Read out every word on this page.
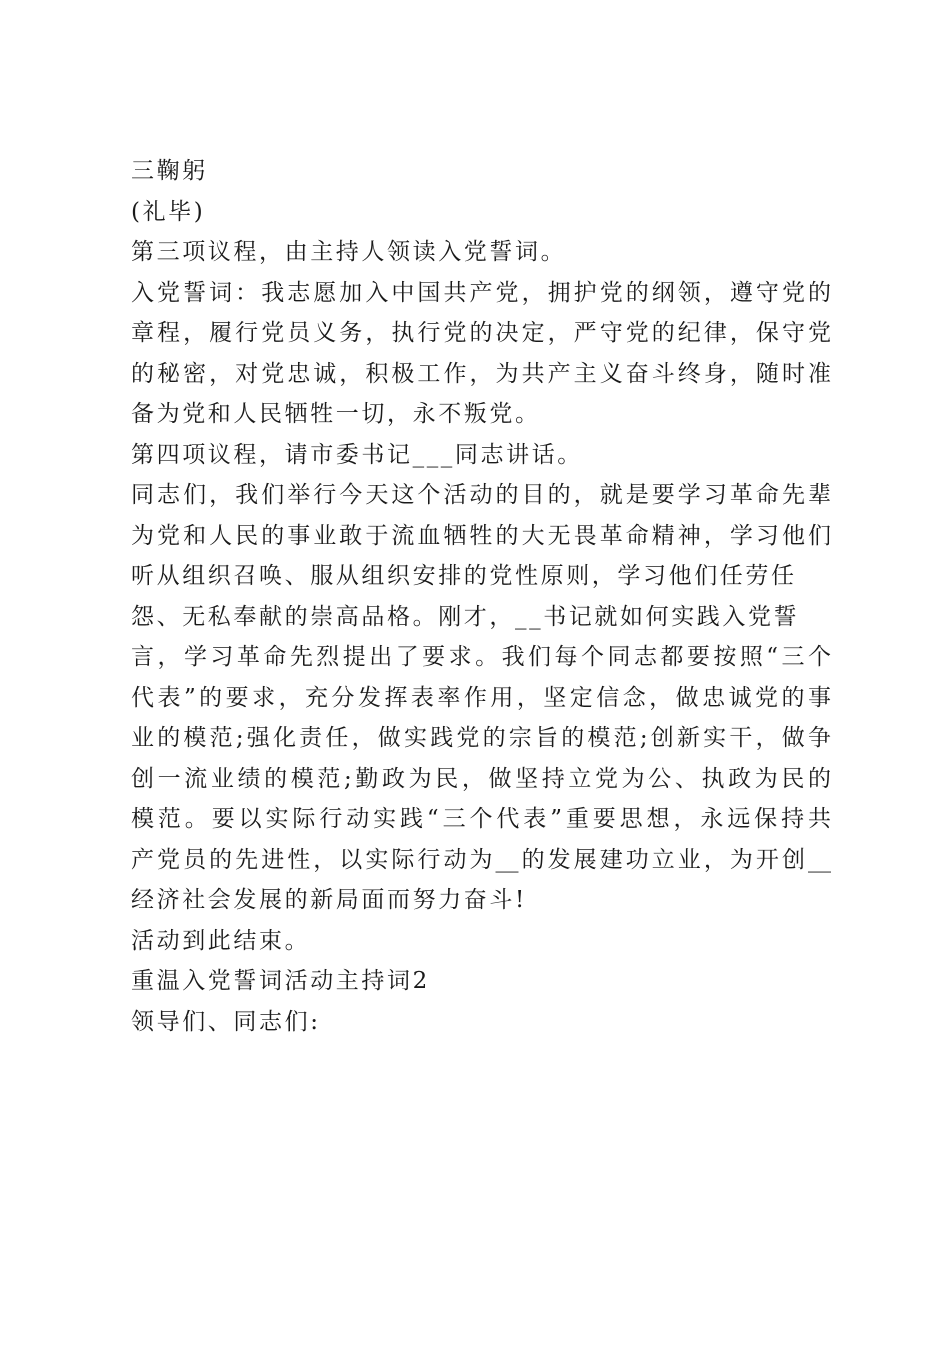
三鞠躬

(礼毕)

第三项议程，由主持人领读入党誓词。

入党誓词：我志愿加入中国共产党，拥护党的纲领，遵守党的

章程，履行党员义务，执行党的决定，严守党的纪律，保守党

的秘密，对党忠诚，积极工作，为共产主义奋斗终身，随时准

备为党和人民牺牲一切，永不叛党。

第四项议程，请市委书记___同志讲话。

同志们，我们举行今天这个活动的目的，就是要学习革命先辈

为党和人民的事业敢于流血牺牲的大无畏革命精神，学习他们

听从组织召唤、服从组织安排的党性原则，学习他们任劳任

怨、无私奉献的崇高品格。刚才，__书记就如何实践入党誓

言，学习革命先烈提出了要求。我们每个同志都要按照“三个

代表”的要求，充分发挥表率作用，坚定信念，做忠诚党的事

业的模范;强化责任，做实践党的宗旨的模范;创新实干，做争

创一流业绩的模范;勤政为民，做坚持立党为公、执政为民的

模范。要以实际行动实践“三个代表”重要思想，永远保持共

产党员的先进性，以实际行动为__的发展建功立业，为开创__

经济社会发展的新局面而努力奋斗!

活动到此结束。

重温入党誓词活动主持词2

领导们、同志们:
